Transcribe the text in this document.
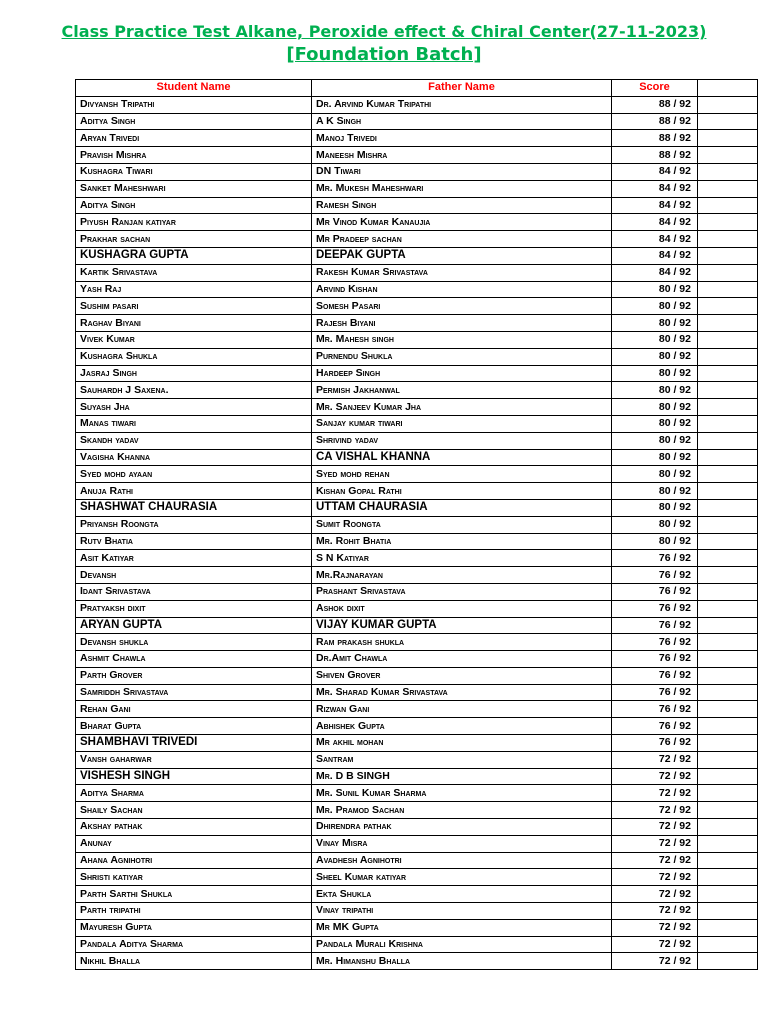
Class Practice Test Alkane, Peroxide effect & Chiral Center(27-11-2023)
[Foundation Batch]
Student Name	Father Name	Score	
Divyansh Tripathi	Dr. Arvind Kumar Tripathi	88 / 92	
Aditya Singh	A K Singh	88 / 92	
Aryan Trivedi	Manoj Trivedi	88 / 92	
Pravish Mishra	Maneesh Mishra	88 / 92	
Kushagra Tiwari	DN Tiwari	84 / 92	
Sanket Maheshwari	Mr. Mukesh Maheshwari	84 / 92	
Aditya Singh	Ramesh Singh	84 / 92	
Piyush Ranjan katiyar	Mr Vinod Kumar Kanaujia	84 / 92	
Prakhar sachan	Mr Pradeep sachan	84 / 92	
KUSHAGRA GUPTA	DEEPAK GUPTA	84 / 92	
Kartik Srivastava	Rakesh Kumar Srivastava	84 / 92	
Yash Raj	Arvind Kishan	80 / 92	
Sushim pasari	Somesh Pasari	80 / 92	
Raghav Biyani	Rajesh Biyani	80 / 92	
Vivek Kumar	Mr. Mahesh singh	80 / 92	
Kushagra Shukla	Purnendu Shukla	80 / 92	
Jasraj Singh	Hardeep Singh	80 / 92	
Sauhardh J Saxena.	Permish Jakhanwal	80 / 92	
Suyash Jha	Mr. Sanjeev Kumar Jha	80 / 92	
Manas tiwari	Sanjay kumar tiwari	80 / 92	
Skandh yadav	Shrivind yadav	80 / 92	
Vagisha Khanna	CA VISHAL KHANNA	80 / 92	
Syed mohd ayaan	Syed mohd rehan	80 / 92	
Anuja Rathi	Kishan Gopal Rathi	80 / 92	
SHASHWAT CHAURASIA	UTTAM CHAURASIA	80 / 92	
Priyansh Roongta	Sumit Roongta	80 / 92	
Rutv Bhatia	Mr. Rohit Bhatia	80 / 92	
Asit Katiyar	S N Katiyar	76 / 92	
Devansh	Mr.Rajnarayan	76 / 92	
Idant Srivastava	Prashant Srivastava	76 / 92	
Pratyaksh dixit	Ashok dixit	76 / 92	
ARYAN GUPTA	VIJAY KUMAR GUPTA	76 / 92	
Devansh shukla	Ram prakash shukla	76 / 92	
Ashmit Chawla	Dr.Amit Chawla	76 / 92	
Parth Grover	Shiven Grover	76 / 92	
Samriddh Srivastava	Mr. Sharad Kumar Srivastava	76 / 92	
Rehan Gani	Rizwan Gani	76 / 92	
Bharat Gupta	Abhishek Gupta	76 / 92	
SHAMBHAVI TRIVEDI	Mr akhil mohan	76 / 92	
Vansh gaharwar	Santram	72 / 92	
VISHESH SINGH	Mr. D B SINGH	72 / 92	
Aditya Sharma	Mr. Sunil Kumar Sharma	72 / 92	
Shaily Sachan	Mr. Pramod Sachan	72 / 92	
Akshay pathak	Dhirendra pathak	72 / 92	
Anunay	Vinay Misra	72 / 92	
Ahana Agnihotri	Avadhesh Agnihotri	72 / 92	
Shristi katiyar	Sheel Kumar katiyar	72 / 92	
Parth Sarthi Shukla	Ekta Shukla	72 / 92	
Parth tripathi	Vinay tripathi	72 / 92	
Mayuresh Gupta	Mr MK Gupta	72 / 92	
Pandala Aditya Sharma	Pandala Murali Krishna	72 / 92	
Nikhil Bhalla	Mr. Himanshu Bhalla	72 / 92	
